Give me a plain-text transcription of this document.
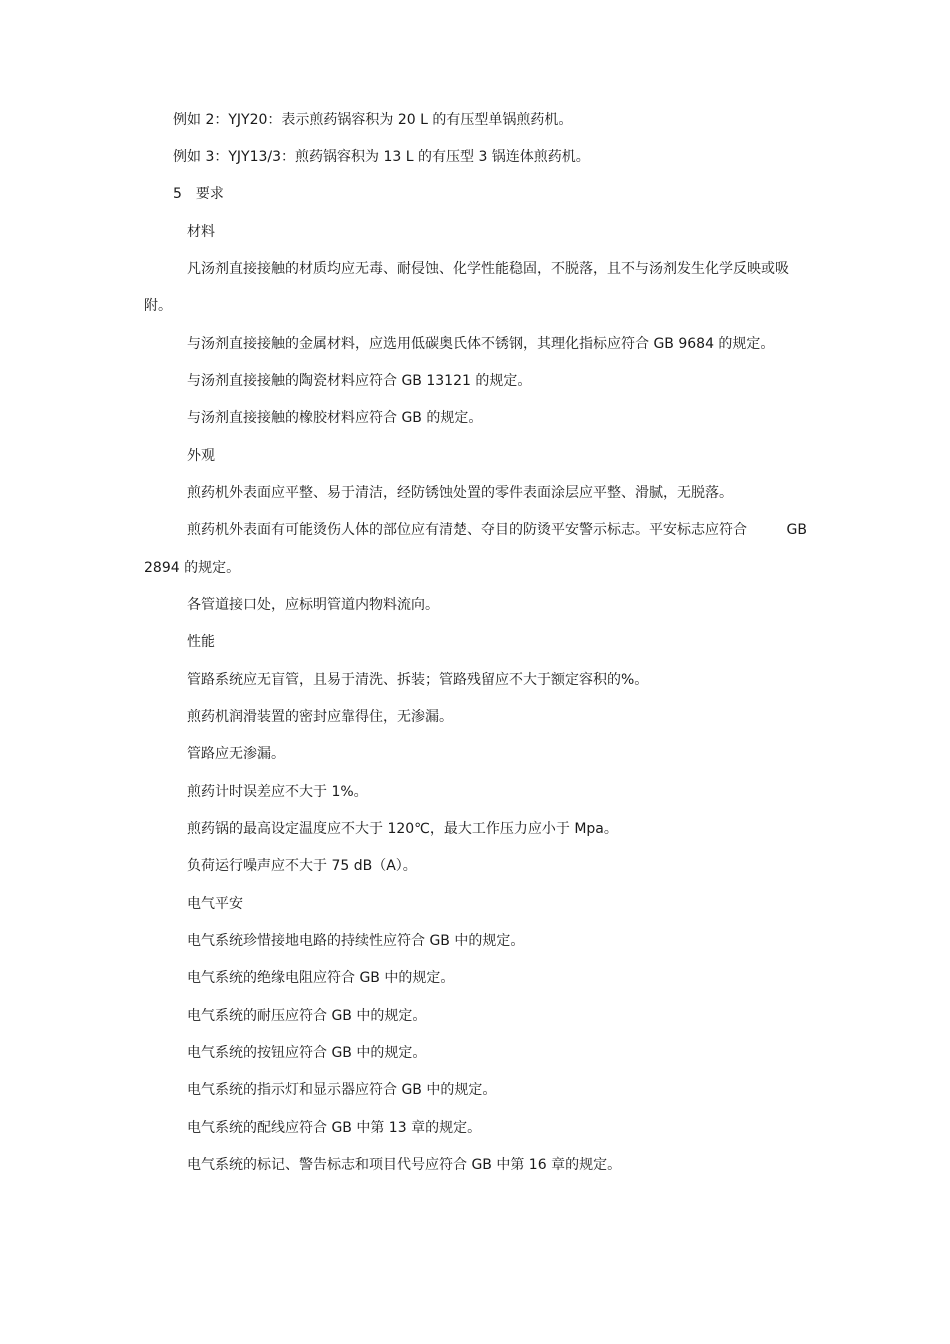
例如 2：YJY20：表示煎药锅容积为 20 L 的有压型单锅煎药机。
例如 3：YJY13/3：煎药锅容积为 13 L 的有压型 3 锅连体煎药机。
5　要求
材料
凡汤剂直接接触的材质均应无毒、耐侵蚀、化学性能稳固，不脱落，且不与汤剂发生化学反映或吸
附。
与汤剂直接接触的金属材料，应选用低碳奥氏体不锈钢，其理化指标应符合 GB 9684 的规定。
与汤剂直接接触的陶瓷材料应符合 GB 13121 的规定。
与汤剂直接接触的橡胶材料应符合 GB 的规定。
外观
煎药机外表面应平整、易于清洁，经防锈蚀处置的零件表面涂层应平整、滑腻，无脱落。
煎药机外表面有可能烫伤人体的部位应有清楚、夺目的防烫平安警示标志。平安标志应符合	GB
2894 的规定。
各管道接口处，应标明管道内物料流向。
性能
管路系统应无盲管，且易于清洗、拆装；管路残留应不大于额定容积的%。
煎药机润滑装置的密封应靠得住，无渗漏。
管路应无渗漏。
煎药计时误差应不大于 1%。
煎药锅的最高设定温度应不大于 120℃，最大工作压力应小于 Mpa。
负荷运行噪声应不大于 75 dB（A）。
电气平安
电气系统珍惜接地电路的持续性应符合 GB 中的规定。
电气系统的绝缘电阻应符合 GB 中的规定。
电气系统的耐压应符合 GB 中的规定。
电气系统的按钮应符合 GB 中的规定。
电气系统的指示灯和显示器应符合 GB 中的规定。
电气系统的配线应符合 GB 中第 13 章的规定。
电气系统的标记、警告标志和项目代号应符合 GB 中第 16 章的规定。
